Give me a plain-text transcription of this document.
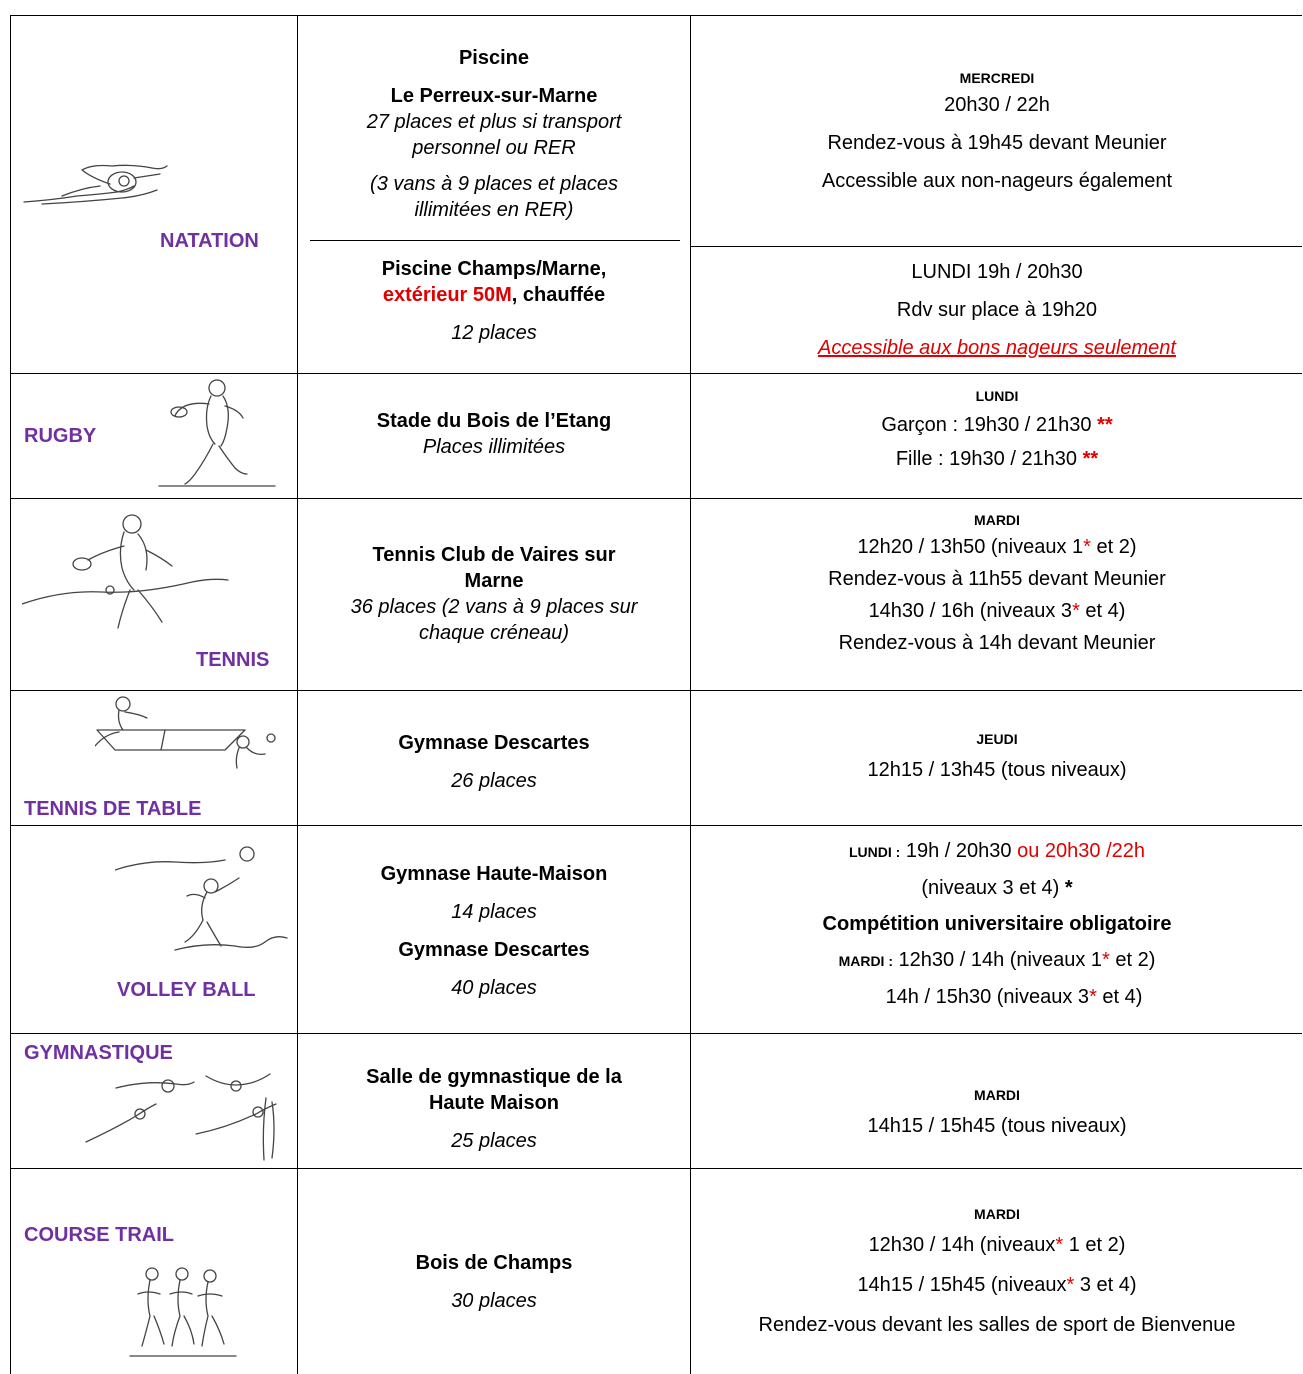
NATATION
Piscine
Le Perreux-sur-Marne
27 places et plus si transport
personnel ou RER
(3 vans à 9 places et places
illimitées en RER)
Piscine Champs/Marne,
extérieur 50M, chauffée
12 places
MERCREDI
20h30 / 22h
Rendez-vous à 19h45 devant Meunier
Accessible aux non-nageurs également
LUNDI 19h / 20h30
Rdv sur place à 19h20
Accessible aux bons nageurs seulement
RUGBY
Stade du Bois de l’Etang
Places illimitées
LUNDI
Garçon : 19h30 / 21h30 **
Fille : 19h30 / 21h30 **
TENNIS
Tennis Club de Vaires sur
Marne
36 places (2 vans à 9 places sur
chaque créneau)
MARDI
12h20 / 13h50 (niveaux 1* et 2)
Rendez-vous à 11h55 devant Meunier
14h30 / 16h (niveaux 3* et 4)
Rendez-vous à 14h devant Meunier
TENNIS DE TABLE
Gymnase Descartes
26 places
JEUDI
12h15 / 13h45 (tous niveaux)
VOLLEY BALL
Gymnase Haute-Maison
14 places
Gymnase Descartes
40 places
LUNDI : 19h / 20h30 ou 20h30 /22h
(niveaux 3 et 4) *
Compétition universitaire obligatoire
MARDI : 12h30 / 14h (niveaux 1* et 2)
14h / 15h30 (niveaux 3* et 4)
GYMNASTIQUE
Salle de gymnastique de la
Haute Maison
25 places
MARDI
14h15 / 15h45 (tous niveaux)
COURSE TRAIL
Bois de Champs
30 places
MARDI
12h30 / 14h (niveaux* 1 et 2)
14h15 / 15h45 (niveaux* 3 et 4)
Rendez-vous devant les salles de sport de Bienvenue
